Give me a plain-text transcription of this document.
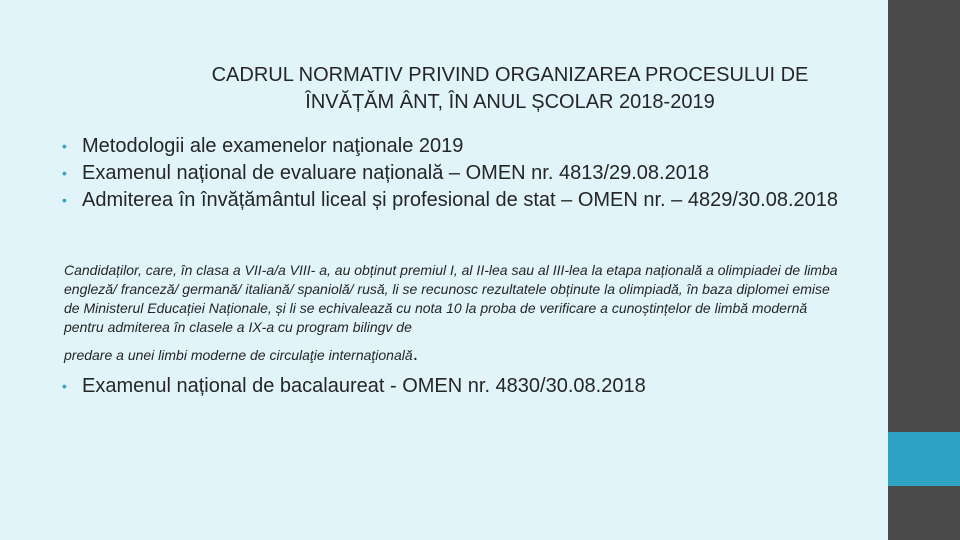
CADRUL NORMATIV PRIVIND ORGANIZAREA PROCESULUI DE
ÎNVĂȚĂM ÂNT, ÎN ANUL ȘCOLAR 2018-2019
• Metodologii ale examenelor naţionale 2019
• Examenul național de evaluare națională – OMEN nr. 4813/29.08.2018
• Admiterea în învățământul liceal și profesional de stat – OMEN nr. – 4829/30.08.2018
Candidaților, care, în clasa a VII-a/a VIII- a, au obținut premiul I, al II-lea sau al III-lea la etapa națională a olimpiadei de limba engleză/ franceză/ germană/ italiană/ spaniolă/ rusă, li se recunosc rezultatele obținute la olimpiadă, în baza diplomei emise de Ministerul Educației Naționale, și li se echivalează cu nota 10 la proba de verificare a cunoștințelor de limbă modernă pentru admiterea în clasele a IX-a cu program bilingv de
predare a unei limbi moderne de circulaţie internaţională.
• Examenul național de bacalaureat - OMEN nr. 4830/30.08.2018
